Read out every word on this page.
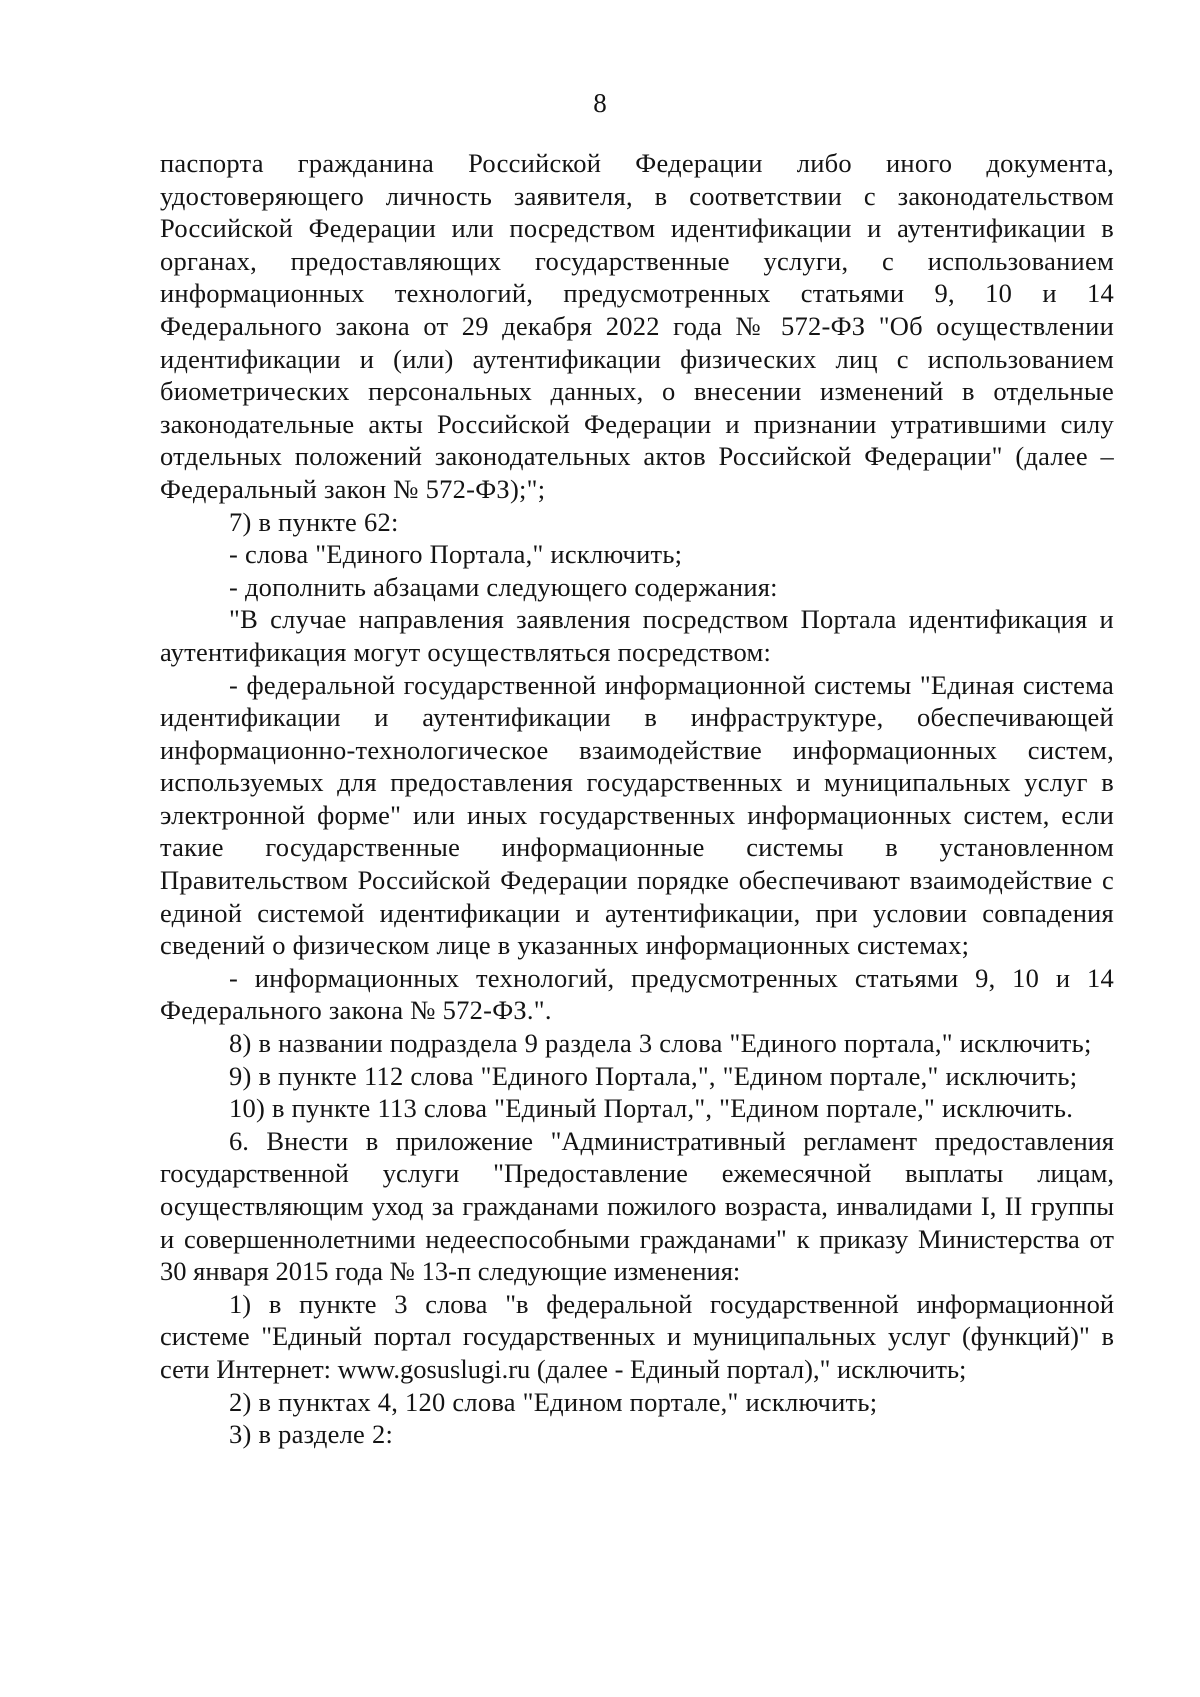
8

паспорта гражданина Российской Федерации либо иного документа, удостоверяющего личность заявителя, в соответствии с законодательством Российской Федерации или посредством идентификации и аутентификации в органах, предоставляющих государственные услуги, с использованием информационных технологий, предусмотренных статьями 9, 10 и 14 Федерального закона от 29 декабря 2022 года № 572-ФЗ "Об осуществлении идентификации и (или) аутентификации физических лиц с использованием биометрических персональных данных, о внесении изменений в отдельные законодательные акты Российской Федерации и признании утратившими силу отдельных положений законодательных актов Российской Федерации" (далее – Федеральный закон № 572-ФЗ);";

7) в пункте 62:

- слова "Единого Портала," исключить;

- дополнить абзацами следующего содержания:

"В случае направления заявления посредством Портала идентификация и аутентификация могут осуществляться посредством:

- федеральной государственной информационной системы "Единая система идентификации и аутентификации в инфраструктуре, обеспечивающей информационно-технологическое взаимодействие информационных систем, используемых для предоставления государственных и муниципальных услуг в электронной форме" или иных государственных информационных систем, если такие государственные информационные системы в установленном Правительством Российской Федерации порядке обеспечивают взаимодействие с единой системой идентификации и аутентификации, при условии совпадения сведений о физическом лице в указанных информационных системах;

- информационных технологий, предусмотренных статьями 9, 10 и 14 Федерального закона № 572-ФЗ.".

8) в названии подраздела 9 раздела 3 слова "Единого портала," исключить;

9) в пункте 112 слова "Единого Портала,", "Едином портале," исключить;

10) в пункте 113 слова "Единый Портал,", "Едином портале," исключить.

6. Внести в приложение "Административный регламент предоставления государственной услуги "Предоставление ежемесячной выплаты лицам, осуществляющим уход за гражданами пожилого возраста, инвалидами I, II группы и совершеннолетними недееспособными гражданами" к приказу Министерства от 30 января 2015 года № 13-п следующие изменения:

1) в пункте 3 слова "в федеральной государственной информационной системе "Единый портал государственных и муниципальных услуг (функций)" в сети Интернет: www.gosuslugi.ru (далее - Единый портал)," исключить;

2) в пунктах 4, 120 слова "Едином портале," исключить;

3) в разделе 2:
